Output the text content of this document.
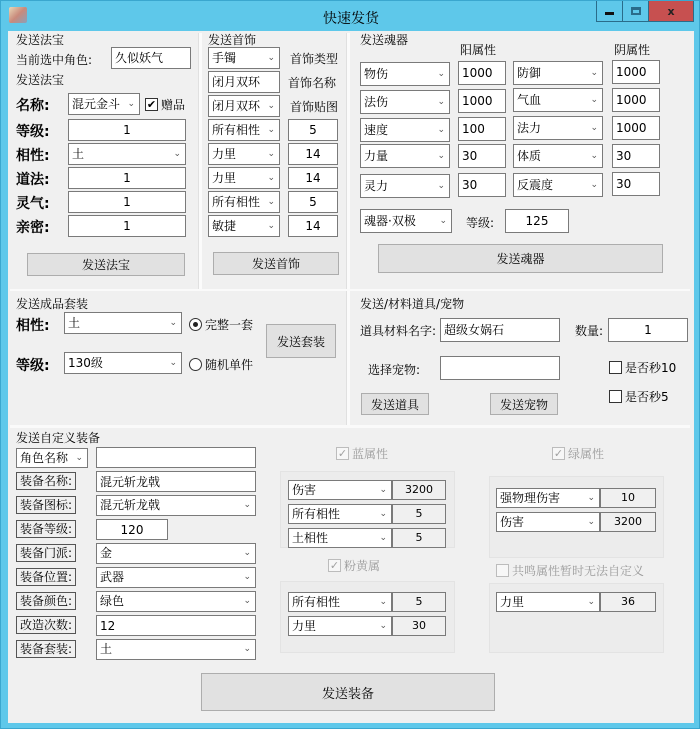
快速发货	x
发送法宝
当前选中角色:	久似妖气
发送法宝
名称:	混元金斗 ⌄ ✔ 赠品
等级:	1
相性:	土	⌄
道法:	1
灵气:	1
亲密:	1
发送法宝
发送首饰
手镯	⌄ 首饰类型
闭月双环	首饰名称
闭月双环 ⌄ 首饰贴图
所有相性 ⌄	5
力里	⌄	14
力里	⌄	14
所有相性 ⌄	5
敏捷	⌄	14
发送首饰
发送魂器
阳属性	阴属性
物伤	⌄	1000	防御	⌄	1000
法伤	⌄	1000	气血	⌄	1000
速度	⌄	100	法力	⌄	1000
力量	⌄	30	体质	⌄	30
灵力	⌄	30	反震度	⌄	30
魂器·双极	⌄ 等级:	125
发送魂器
发送成品套装
相性:	土	⌄ 完整一套
发送套装
等级:	130级	⌄ 随机单件
发送/材料道具/宠物
道具材料名字: 超级女娲石	数量:	1
选择宠物:	是否秒10
是否秒5
发送道具	发送宠物
发送自定义装备
角色名称 ⌄
装备名称:	混元斩龙戟
装备图标:	混元斩龙戟	⌄
装备等级:	120
装备门派:	金	⌄
装备位置:	武器	⌄
装备颜色:	绿色	⌄
改造次数:	12
装备套装:	土	⌄
✓ 蓝属性
伤害	⌄	3200
所有相性	⌄	5
土相性	⌄	5
✓ 粉黄属
所有相性	⌄	5
力里	⌄	30
✓ 绿属性
强物理伤害	⌄	10
伤害	⌄	3200
共鸣属性暂时无法自定义
力里	⌄	36
发送装备
